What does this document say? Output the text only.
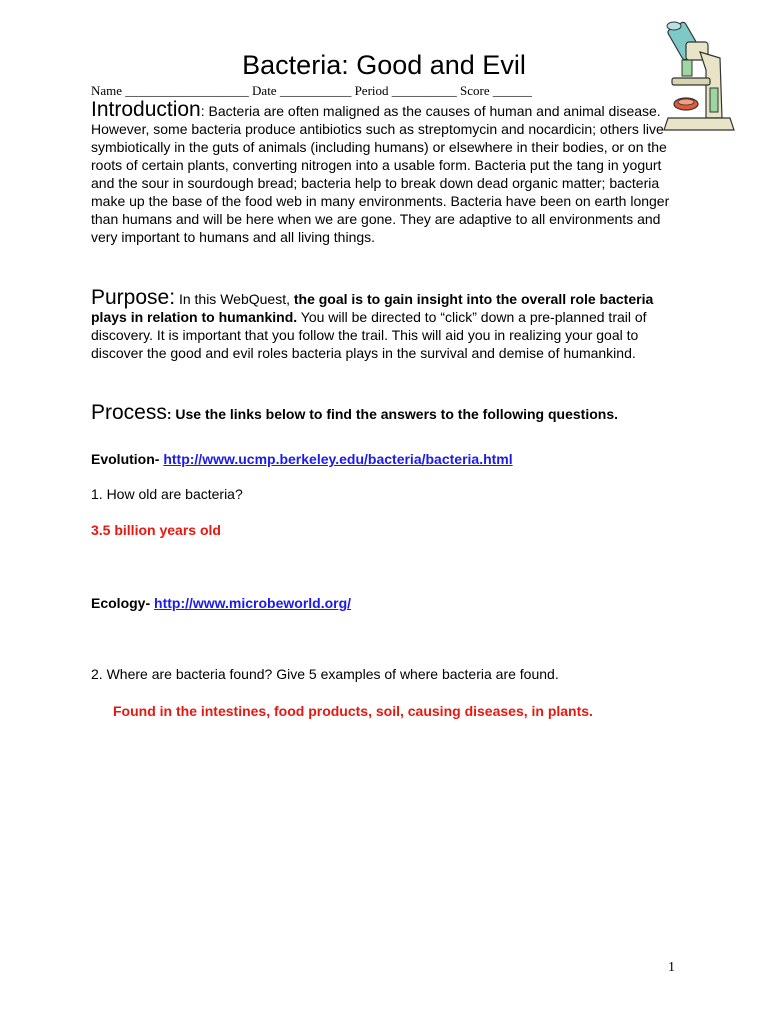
Bacteria: Good and Evil
Name ___________________ Date ___________ Period __________ Score ______
Introduction: Bacteria are often maligned as the causes of human and animal disease. However, some bacteria produce antibiotics such as streptomycin and nocardicin; others live symbiotically in the guts of animals (including humans) or elsewhere in their bodies, or on the roots of certain plants, converting nitrogen into a usable form. Bacteria put the tang in yogurt and the sour in sourdough bread; bacteria help to break down dead organic matter; bacteria make up the base of the food web in many environments. Bacteria have been on earth longer than humans and will be here when we are gone. They are adaptive to all environments and very important to humans and all living things.
Purpose: In this WebQuest, the goal is to gain insight into the overall role bacteria plays in relation to humankind. You will be directed to “click” down a pre-planned trail of discovery. It is important that you follow the trail. This will aid you in realizing your goal to discover the good and evil roles bacteria plays in the survival and demise of humankind.
Process: Use the links below to find the answers to the following questions.
Evolution- http://www.ucmp.berkeley.edu/bacteria/bacteria.html
1. How old are bacteria?
3.5 billion years old
Ecology- http://www.microbeworld.org/
2. Where are bacteria found? Give 5 examples of where bacteria are found.
Found in the intestines, food products, soil, causing diseases, in plants.
1
